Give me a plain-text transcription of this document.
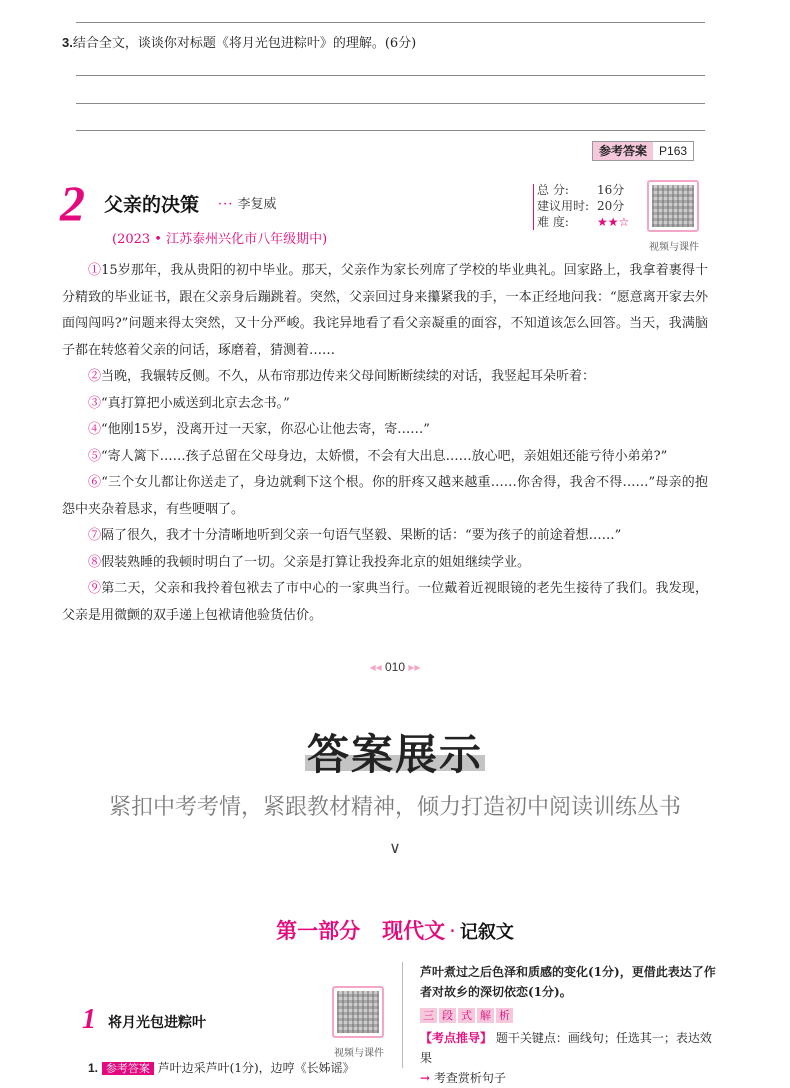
3.结合全文，谈谈你对标题《将月光包进粽叶》的理解。(6分)
参考答案	P163
2 父亲的决策 ··· 李复威
(2023 • 江苏泰州兴化市八年级期中)
总 分:	16分
建议用时: 20分
难 度:	★★☆
视频与课件

①15岁那年，我从贵阳的初中毕业。那天，父亲作为家长列席了学校的毕业典礼。回家路上，我拿着裹得十分精致的毕业证书，跟在父亲身后蹦跳着。突然，父亲回过身来攥紧我的手，一本正经地问我：“愿意离开家去外面闯闯吗?”问题来得太突然，又十分严峻。我诧异地看了看父亲凝重的面容，不知道该怎么回答。当天，我满脑子都在转悠着父亲的问话，琢磨着，猜测着……

②当晚，我辗转反侧。不久，从布帘那边传来父母间断断续续的对话，我竖起耳朵听着：

③“真打算把小威送到北京去念书。”

④“他刚15岁，没离开过一天家，你忍心让他去寄，寄……”

⑤“寄人篱下……孩子总留在父母身边，太娇惯，不会有大出息……放心吧，亲姐姐还能亏待小弟弟?”

⑥“三个女儿都让你送走了，身边就剩下这个根。你的肝疼又越来越重……你舍得，我舍不得……”母亲的抱怨中夹杂着恳求，有些哽咽了。

⑦隔了很久，我才十分清晰地听到父亲一句语气坚毅、果断的话：“要为孩子的前途着想……”

⑧假装熟睡的我顿时明白了一切。父亲是打算让我投奔北京的姐姐继续学业。

⑨第二天，父亲和我拎着包袱去了市中心的一家典当行。一位戴着近视眼镜的老先生接待了我们。我发现，父亲是用微颤的双手递上包袱请他验货估价。

◂◂ 010 ▸▸
答案展示
紧扣中考考情，紧跟教材精神，倾力打造初中阅读训练丛书
∨
第一部分 现代文 · 记叙文
1 将月光包进粽叶
视频与课件
1. 参考答案 芦叶边采芦叶(1分)，边哼《长姊谣》
芦叶煮过之后色泽和质感的变化(1分)，更借此表达了作者对故乡的深切依恋(1分)。
三 段 式 解 析
【考点推导】 题干关键点：画线句；任选其一；表达效果
→ 考查赏析句子
